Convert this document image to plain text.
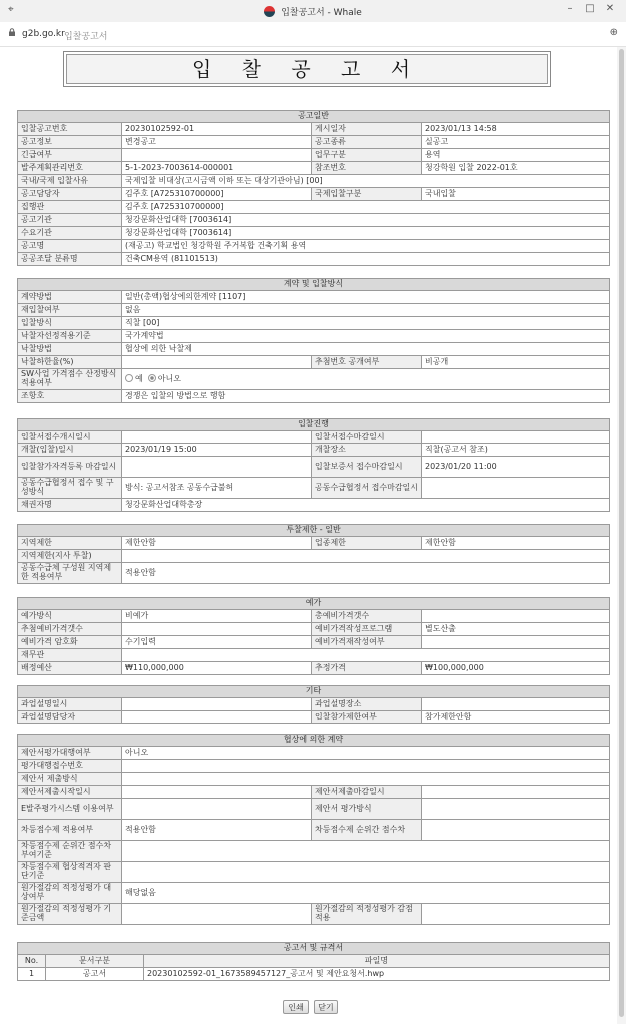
⌖	입찰공고서 - Whale	– □ ✕
g2b.go.kr 입찰공고서	⊕
입 찰 공 고 서
공고일반			
입찰공고번호	20230102592-01	게시일자	2023/01/13 14:58
공고정보	변경공고	공고종류	실공고
긴급여부		업무구분	용역
발주계획관리번호	5-1-2023-7003614-000001	참조번호	청강학원 입찰 2022-01호
국내/국제 입찰사유	국제입찰 비대상(고시금액 이하 또는 대상기관아님) [00]		
공고담당자	김주호 [A725310700000]	국제입찰구분	국내입찰
집행관	김주호 [A725310700000]		
공고기관	청강문화산업대학 [7003614]		
수요기관	청강문화산업대학 [7003614]		
공고명	(재공고) 학교법인 청강학원 주거복합 건축기획 용역		
공공조달 분류명	건축CM용역 (81101513)		
계약 및 입찰방식			
계약방법	일반(총액)협상에의한계약 [1107]		
재입찰여부	없음		
입찰방식	직찰 [00]		
낙찰자선정적용기준	국가계약법		
낙찰방법	협상에 의한 낙찰제		
낙찰하한율(%)		추첨번호 공개여부	비공개
SW사업 가격점수 산정방식 적용여부	예 아니오		
조항호	경쟁은 입찰의 방법으로 행함		
입찰진행			
입찰서접수개시일시		입찰서접수마감일시	
개찰(입찰)일시	2023/01/19 15:00	개찰장소	직찰(공고서 참조)
입찰참가자격등록 마감일시		입찰보증서 접수마감일시	2023/01/20 11:00
공동수급협정서 접수 및 구성방식	방식: 공고서참조 공동수급불허	공동수급협정서 접수마감일시	
채권자명	청강문화산업대학총장		
투찰제한 - 일반			
지역제한	제한안함	업종제한	제한안함
지역제한(지사 투찰)			
공동수급체 구성원 지역제한 적용여부	적용안함		
예가			
예가방식	비예가	총예비가격갯수	
추첨예비가격갯수		예비가격작성프로그램	별도산출
예비가격 암호화	수기입력	예비가격재작성여부	
재무관			
배정예산	₩110,000,000	추정가격	₩100,000,000
기타			
과업설명일시		과업설명장소	
과업설명담당자		입찰참가제한여부	참가제한안함
협상에 의한 계약			
제안서평가대행여부	아니오		
평가대행접수번호			
제안서 제출방식			
제안서제출시작일시		제안서제출마감일시	
E발주평가시스템 이용여부		제안서 평가방식	
차등점수제 적용여부	적용안함	차등점수제 순위간 점수차	
차등점수제 순위간 점수차 부여기준			
차등점수제 협상적격자 판단기준			
원가절감의 적정성평가 대상여부	해당없음		
원가절감의 적정성평가 기준금액		원가절감의 적정성평가 감점적용	
공고서 및 규격서		
No.	문서구분	파일명
1	공고서	20230102592-01_1673589457127_공고서 및 제안요청서.hwp
인쇄	닫기
